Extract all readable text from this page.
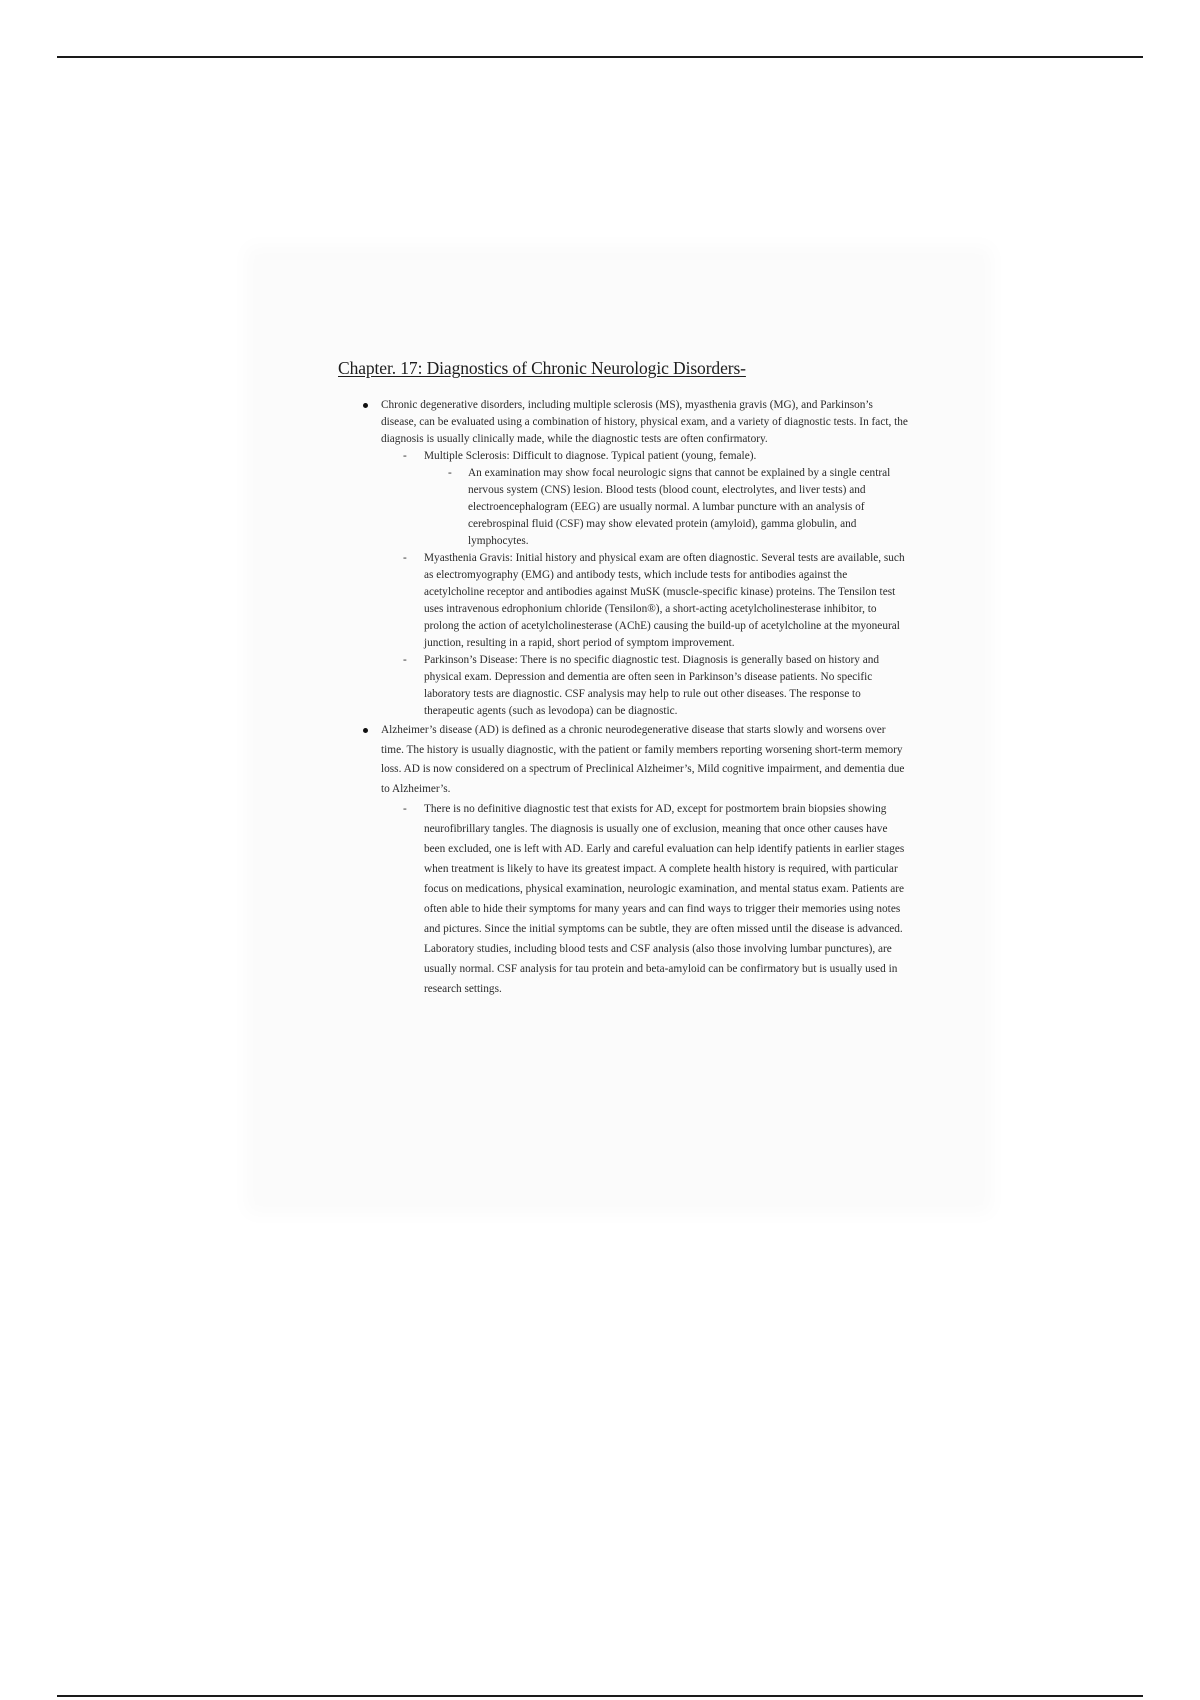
Chapter. 17: Diagnostics of Chronic Neurologic Disorders-
Chronic degenerative disorders, including multiple sclerosis (MS), myasthenia gravis (MG), and Parkinson’s disease, can be evaluated using a combination of history, physical exam, and a variety of diagnostic tests. In fact, the diagnosis is usually clinically made, while the diagnostic tests are often confirmatory.
- Multiple Sclerosis: Difficult to diagnose. Typical patient (young, female).
- An examination may show focal neurologic signs that cannot be explained by a single central nervous system (CNS) lesion. Blood tests (blood count, electrolytes, and liver tests) and electroencephalogram (EEG) are usually normal. A lumbar puncture with an analysis of cerebrospinal fluid (CSF) may show elevated protein (amyloid), gamma globulin, and lymphocytes.
- Myasthenia Gravis: Initial history and physical exam are often diagnostic. Several tests are available, such as electromyography (EMG) and antibody tests, which include tests for antibodies against the acetylcholine receptor and antibodies against MuSK (muscle-specific kinase) proteins. The Tensilon test uses intravenous edrophonium chloride (Tensilon®), a short-acting acetylcholinesterase inhibitor, to prolong the action of acetylcholinesterase (AChE) causing the build-up of acetylcholine at the myoneural junction, resulting in a rapid, short period of symptom improvement.
- Parkinson’s Disease: There is no specific diagnostic test. Diagnosis is generally based on history and physical exam. Depression and dementia are often seen in Parkinson’s disease patients. No specific laboratory tests are diagnostic. CSF analysis may help to rule out other diseases. The response to therapeutic agents (such as levodopa) can be diagnostic.
Alzheimer’s disease (AD) is defined as a chronic neurodegenerative disease that starts slowly and worsens over time. The history is usually diagnostic, with the patient or family members reporting worsening short-term memory loss. AD is now considered on a spectrum of Preclinical Alzheimer’s, Mild cognitive impairment, and dementia due to Alzheimer’s.
- There is no definitive diagnostic test that exists for AD, except for postmortem brain biopsies showing neurofibrillary tangles. The diagnosis is usually one of exclusion, meaning that once other causes have been excluded, one is left with AD. Early and careful evaluation can help identify patients in earlier stages when treatment is likely to have its greatest impact. A complete health history is required, with particular focus on medications, physical examination, neurologic examination, and mental status exam. Patients are often able to hide their symptoms for many years and can find ways to trigger their memories using notes and pictures. Since the initial symptoms can be subtle, they are often missed until the disease is advanced. Laboratory studies, including blood tests and CSF analysis (also those involving lumbar punctures), are usually normal. CSF analysis for tau protein and beta-amyloid can be confirmatory but is usually used in research settings.
